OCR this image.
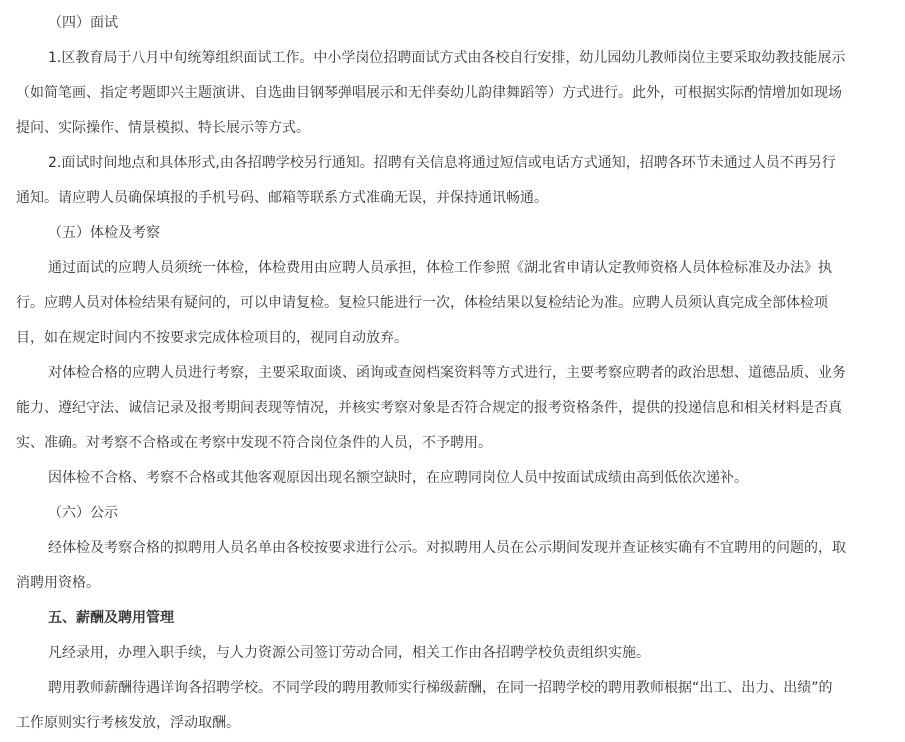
（四）面试
1.区教育局于八月中旬统筹组织面试工作。中小学岗位招聘面试方式由各校自行安排，幼儿园幼儿教师岗位主要采取幼教技能展示
（如简笔画、指定考题即兴主题演讲、自选曲目钢琴弹唱展示和无伴奏幼儿韵律舞蹈等）方式进行。此外，可根据实际酌情增加如现场
提问、实际操作、情景模拟、特长展示等方式。
2.面试时间地点和具体形式,由各招聘学校另行通知。招聘有关信息将通过短信或电话方式通知，招聘各环节未通过人员不再另行
通知。请应聘人员确保填报的手机号码、邮箱等联系方式准确无误，并保持通讯畅通。
（五）体检及考察
通过面试的应聘人员须统一体检，体检费用由应聘人员承担，体检工作参照《湖北省申请认定教师资格人员体检标准及办法》执
行。应聘人员对体检结果有疑问的，可以申请复检。复检只能进行一次，体检结果以复检结论为准。应聘人员须认真完成全部体检项
目，如在规定时间内不按要求完成体检项目的，视同自动放弃。
对体检合格的应聘人员进行考察，主要采取面谈、函询或查阅档案资料等方式进行，主要考察应聘者的政治思想、道德品质、业务
能力、遵纪守法、诚信记录及报考期间表现等情况，并核实考察对象是否符合规定的报考资格条件，提供的投递信息和相关材料是否真
实、准确。对考察不合格或在考察中发现不符合岗位条件的人员，不予聘用。
因体检不合格、考察不合格或其他客观原因出现名额空缺时，在应聘同岗位人员中按面试成绩由高到低依次递补。
（六）公示
经体检及考察合格的拟聘用人员名单由各校按要求进行公示。对拟聘用人员在公示期间发现并查证核实确有不宜聘用的问题的，取
消聘用资格。
五、薪酬及聘用管理
凡经录用，办理入职手续，与人力资源公司签订劳动合同，相关工作由各招聘学校负责组织实施。
聘用教师薪酬待遇详询各招聘学校。不同学段的聘用教师实行梯级薪酬，在同一招聘学校的聘用教师根据“出工、出力、出绩”的
工作原则实行考核发放，浮动取酬。
